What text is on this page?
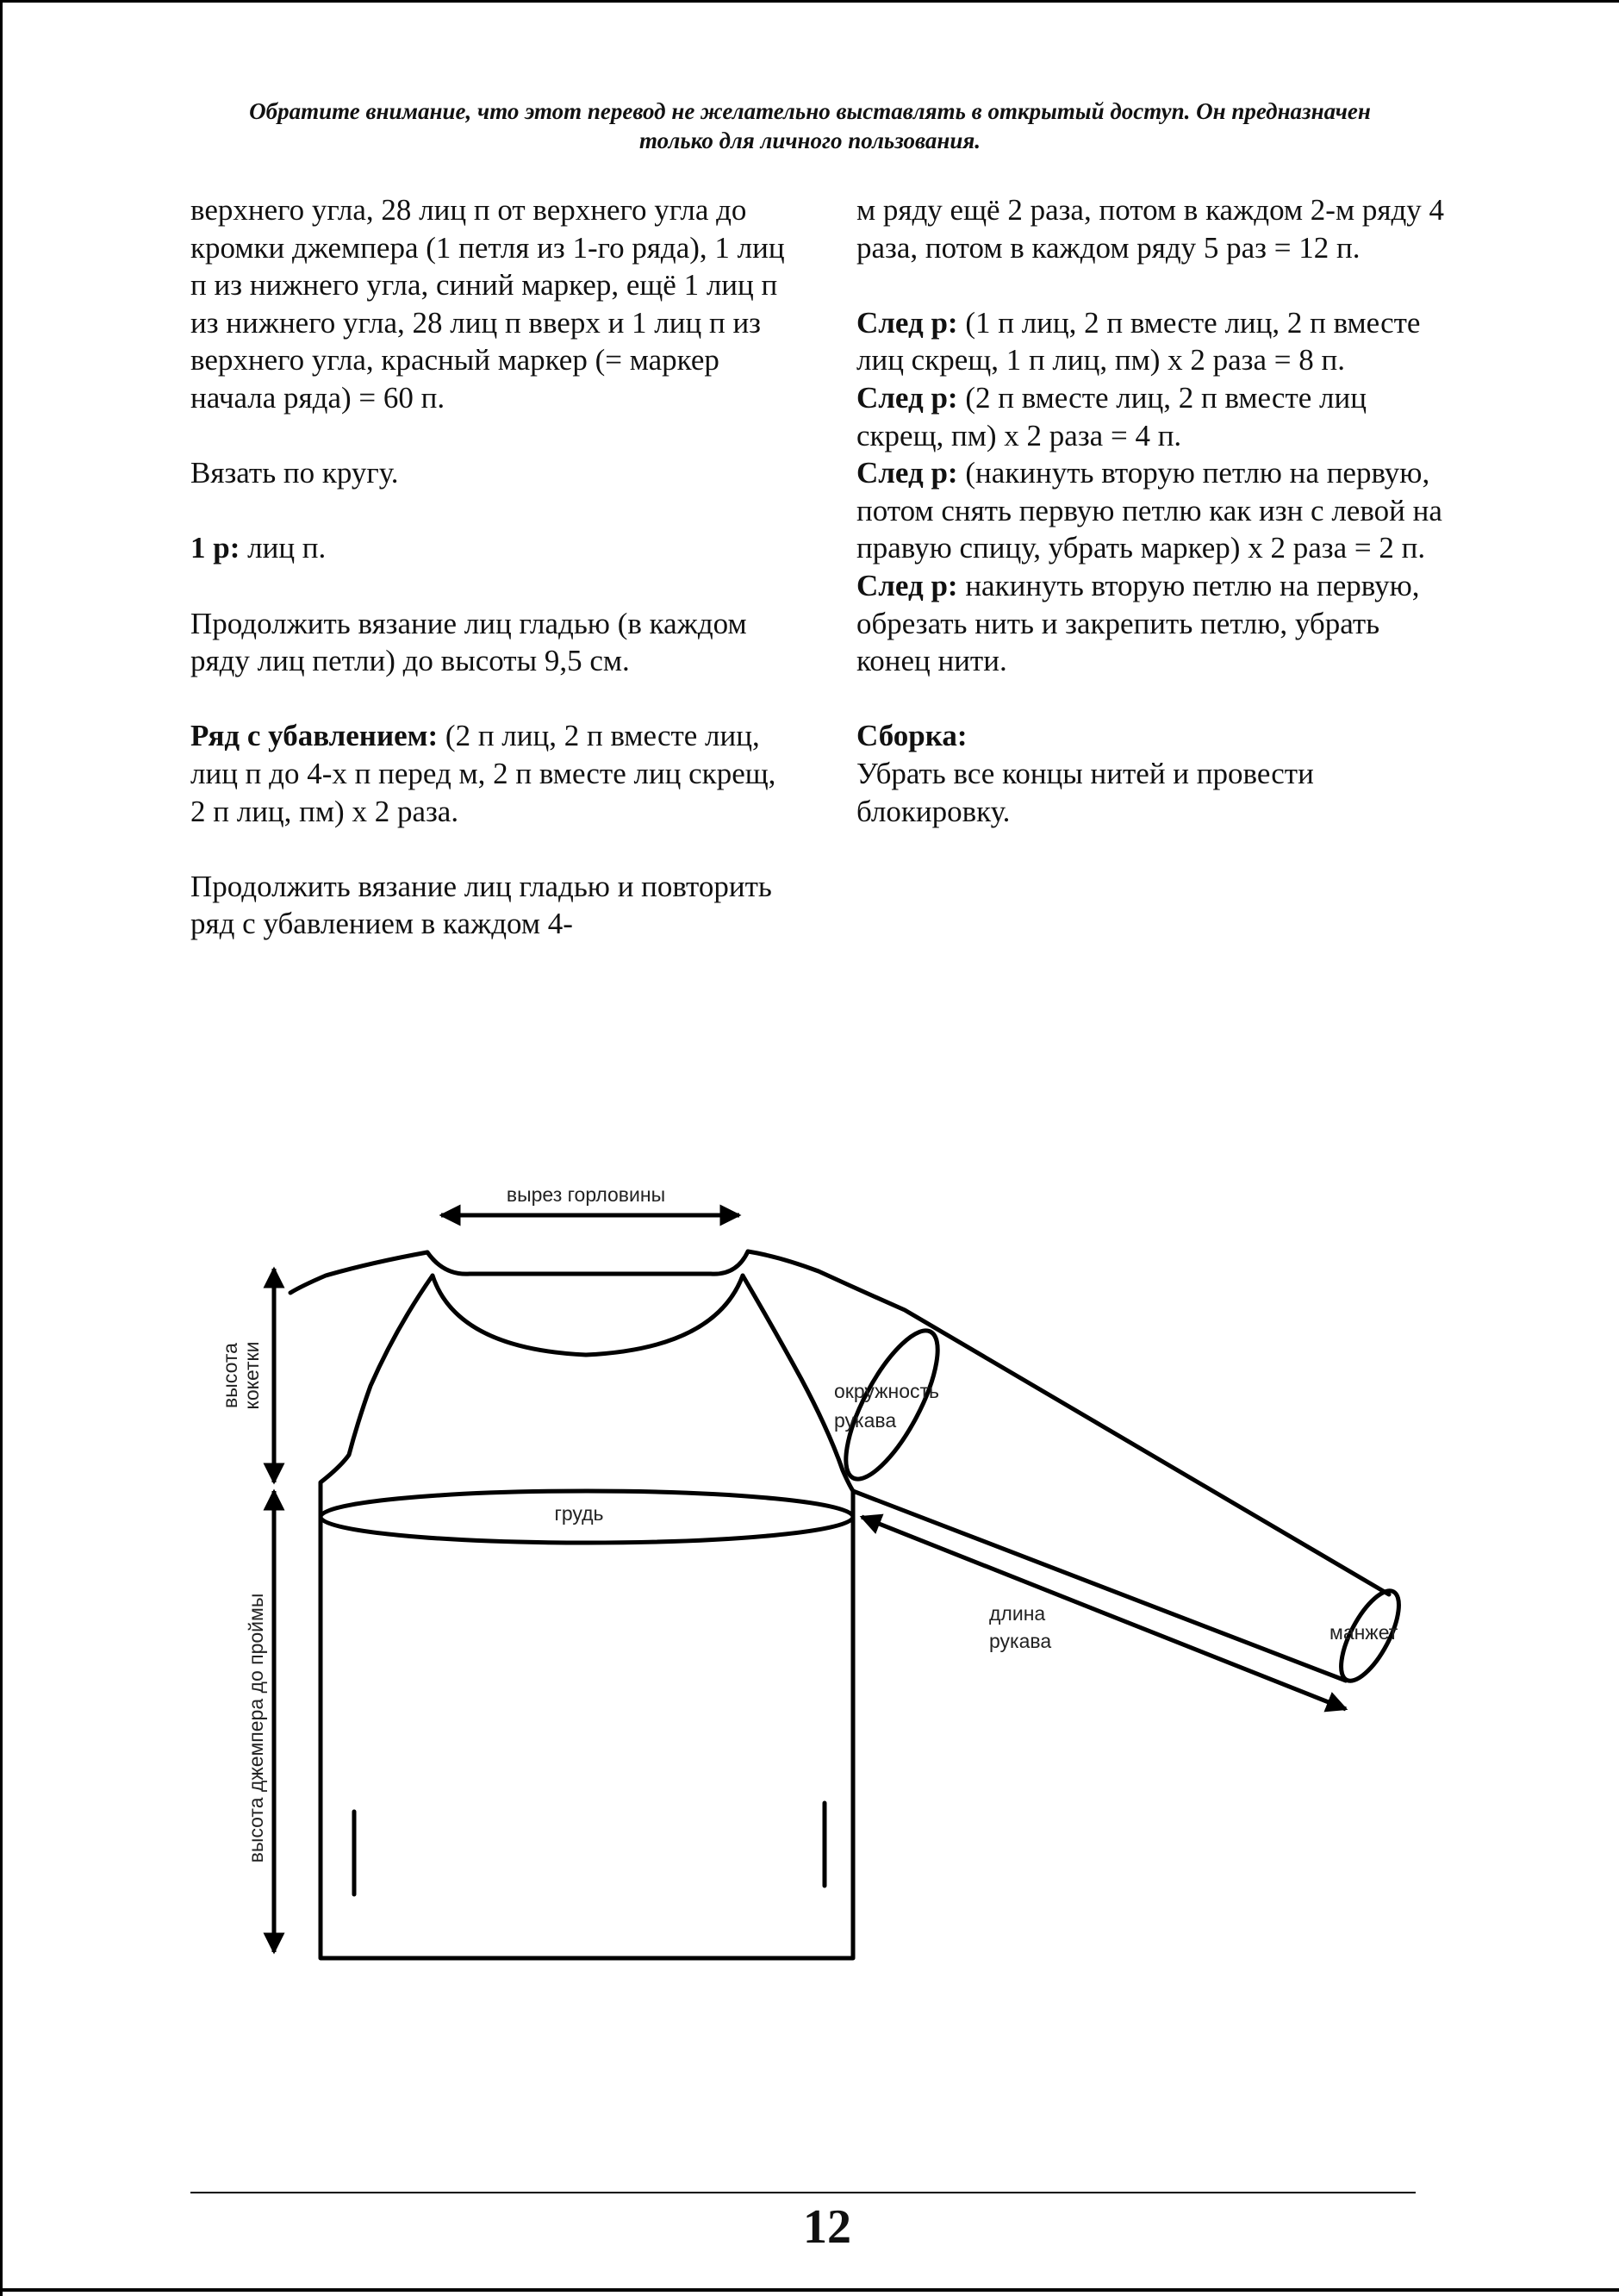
Обратите внимание, что этот перевод не желательно выставлять в открытый доступ. Он предназначен только для личного пользования.

верхнего угла, 28 лиц п от верхнего угла до кромки джемпера (1 петля из 1-го ряда), 1 лиц п из нижнего угла, синий маркер, ещё 1 лиц п из нижнего угла, 28 лиц п вверх и 1 лиц п из верхнего угла, красный маркер (= маркер начала ряда) = 60 п.

Вязать по кругу.

1 р: лиц п.

Продолжить вязание лиц гладью (в каждом ряду лиц петли) до высоты 9,5 см.

Ряд с убавлением: (2 п лиц, 2 п вместе лиц, лиц п до 4-х п перед м, 2 п вместе лиц скрещ, 2 п лиц, пм) х 2 раза.

Продолжить вязание лиц гладью и повторить ряд с убавлением в каждом 4-

м ряду ещё 2 раза, потом в каждом 2-м ряду 4 раза, потом в каждом ряду 5 раз = 12 п.

След р: (1 п лиц, 2 п вместе лиц, 2 п вместе лиц скрещ, 1 п лиц, пм) х 2 раза = 8 п.

След р: (2 п вместе лиц, 2 п вместе лиц скрещ, пм) х 2 раза = 4 п.

След р: (накинуть вторую петлю на первую, потом снять первую петлю как изн с левой на правую спицу, убрать маркер) х 2 раза = 2 п.

След р: накинуть вторую петлю на первую, обрезать нить и закрепить петлю, убрать конец нити.

Сборка:

Убрать все концы нитей и провести блокировку.

вырез горловины
высота кокетки
высота джемпера до проймы
грудь
окружность
рукава
длина
рукава	манжет
12
